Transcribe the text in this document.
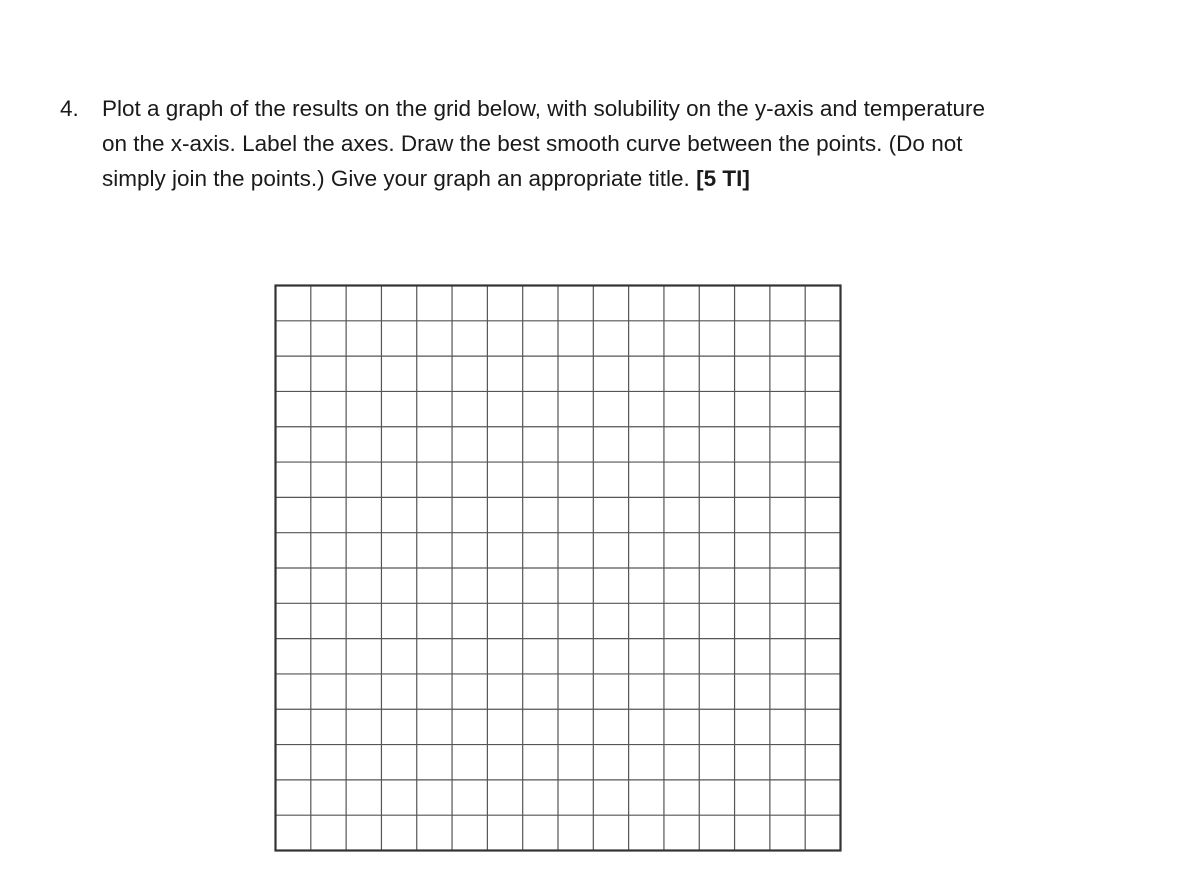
4. Plot a graph of the results on the grid below, with solubility on the y-axis and temperature
on the x-axis. Label the axes. Draw the best smooth curve between the points. (Do not
simply join the points.) Give your graph an appropriate title. [5 TI]
